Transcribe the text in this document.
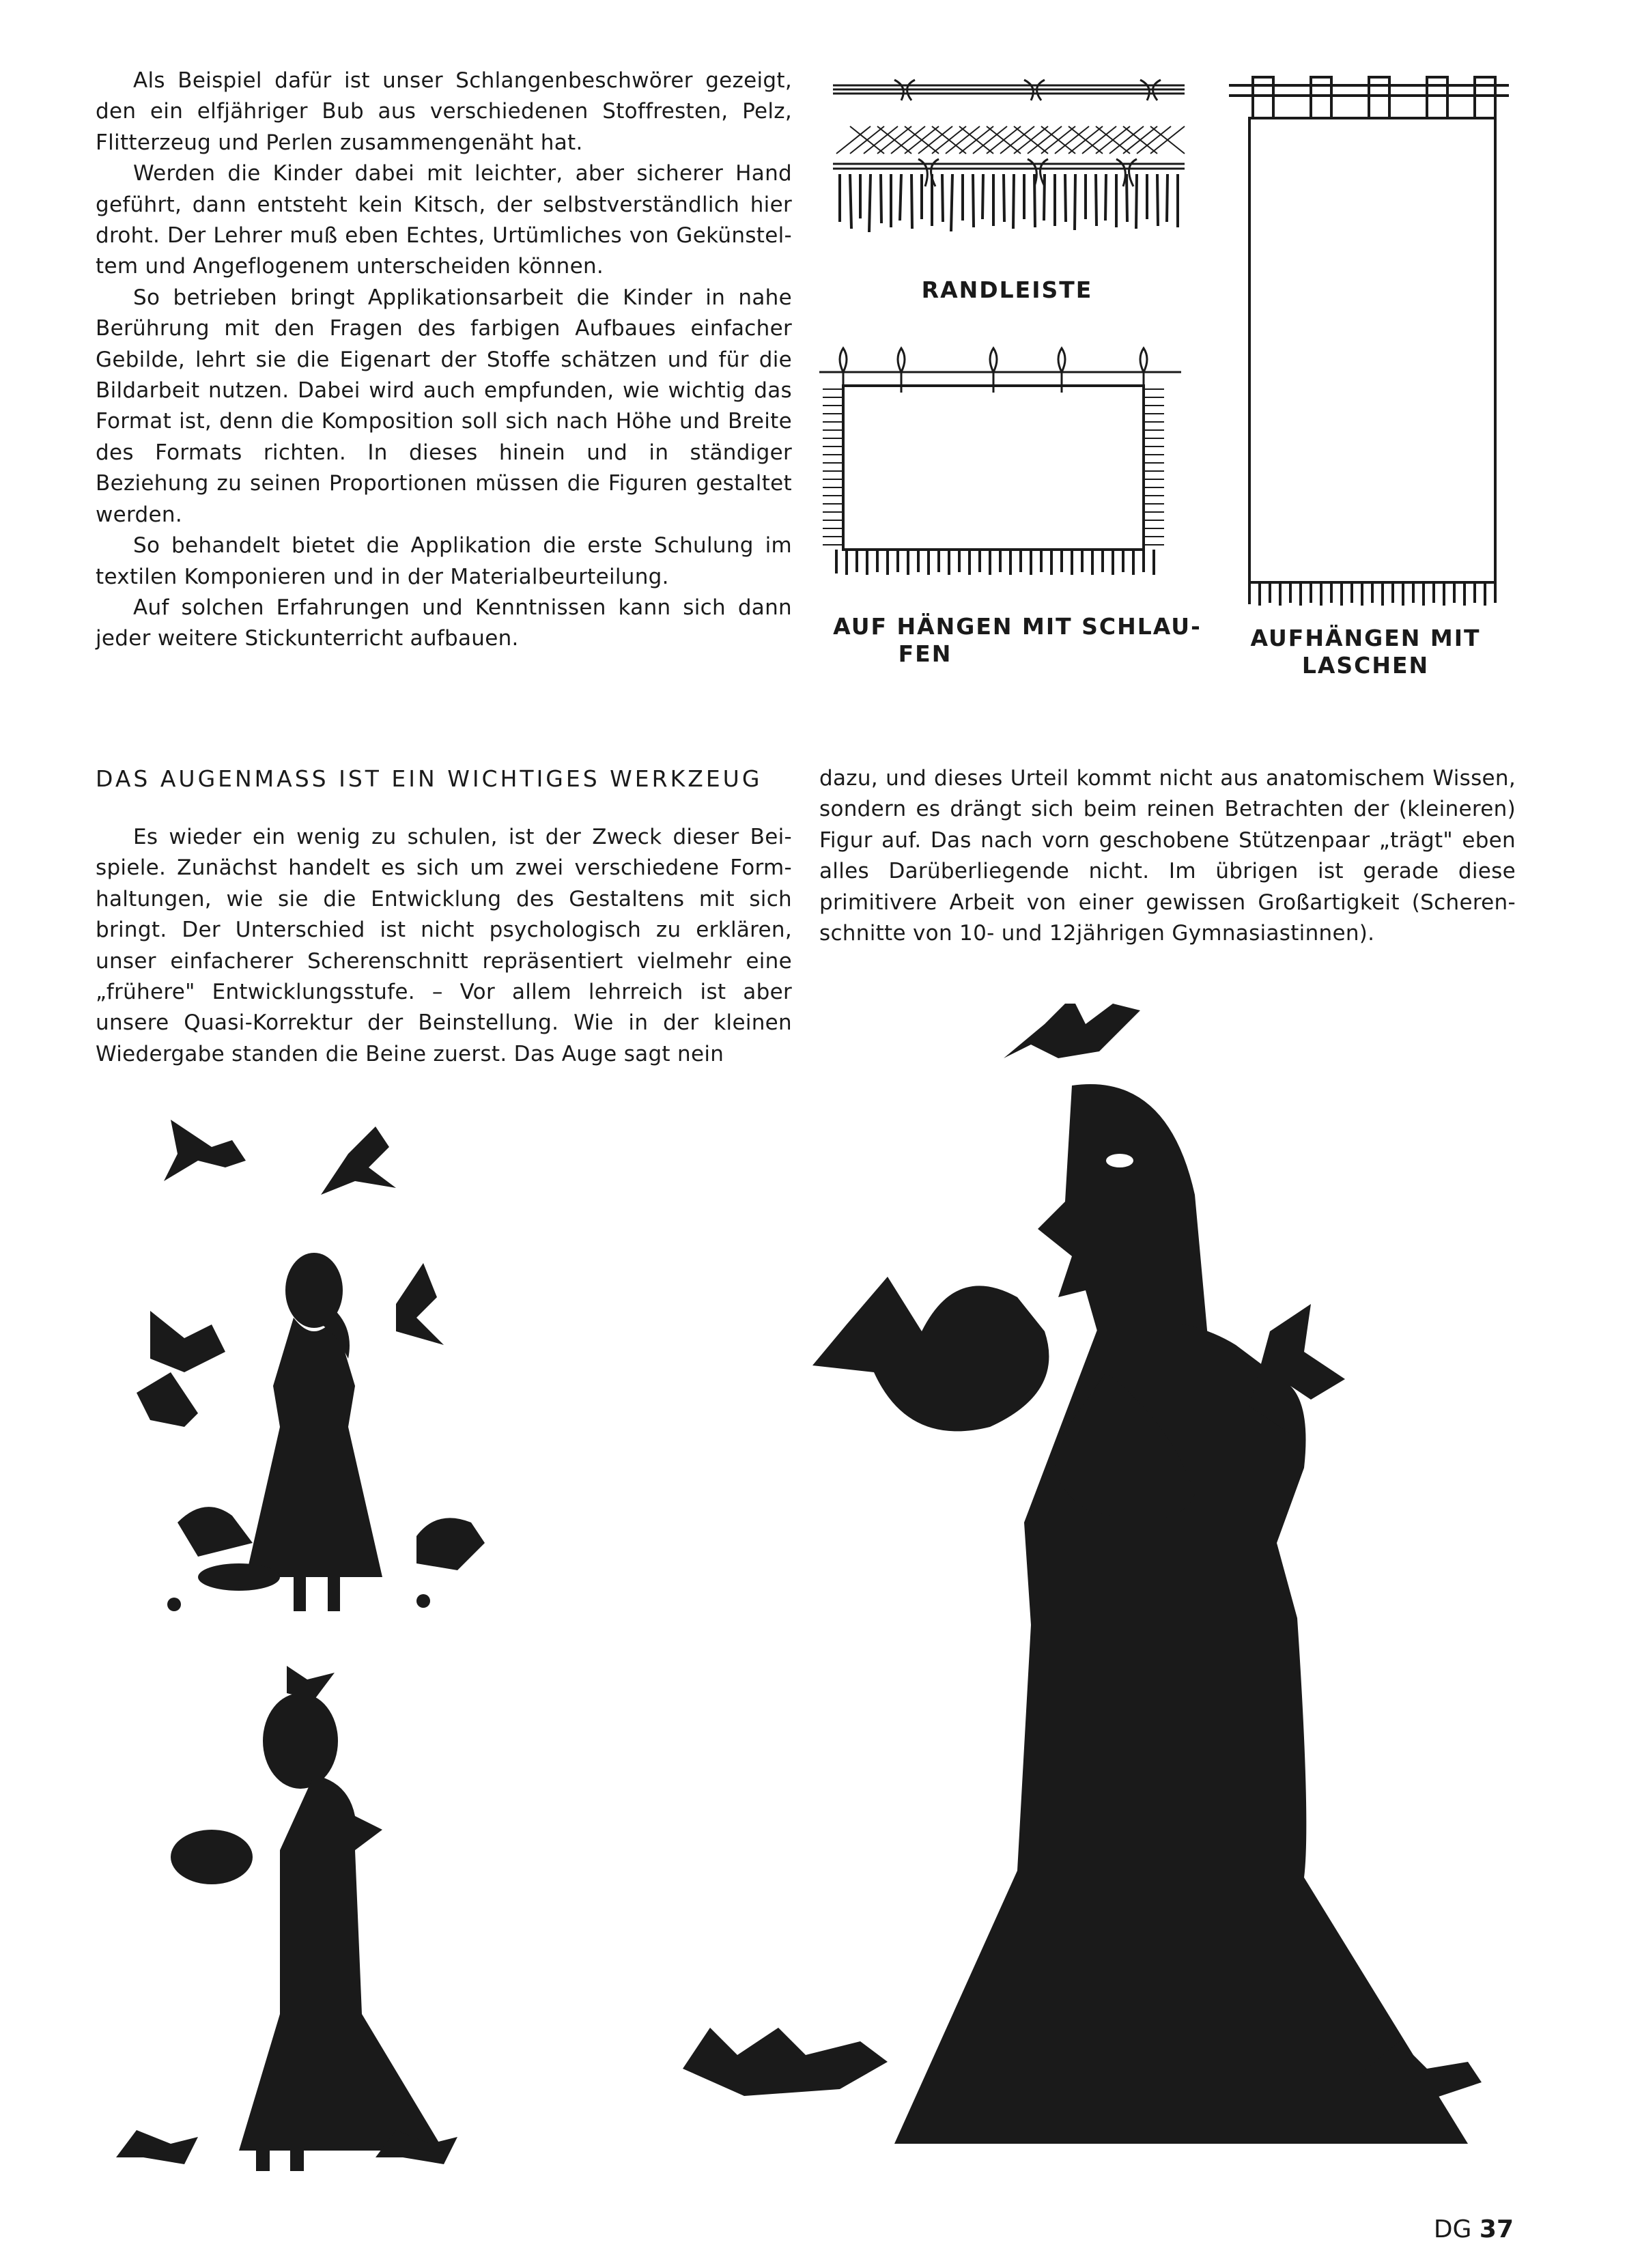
Als Beispiel dafür ist unser Schlangenbeschwörer gezeigt, den ein elfjähriger Bub aus verschiedenen Stoffresten, Pelz, Flitterzeug und Perlen zusammengenäht hat.

Werden die Kinder dabei mit leichter, aber sicherer Hand geführt, dann entsteht kein Kitsch, der selbstverständlich hier droht. Der Lehrer muß eben Echtes, Urtümliches von Gekünstel-tem und Angeflogenem unterscheiden können.

So betrieben bringt Applikationsarbeit die Kinder in nahe Berührung mit den Fragen des farbigen Aufbaues einfacher Gebilde, lehrt sie die Eigenart der Stoffe schätzen und für die Bildarbeit nutzen. Dabei wird auch empfunden, wie wichtig das Format ist, denn die Komposition soll sich nach Höhe und Breite des Formats richten. In dieses hinein und in ständiger Beziehung zu seinen Proportionen müssen die Figuren gestaltet werden.

So behandelt bietet die Applikation die erste Schulung im textilen Komponieren und in der Materialbeurteilung.

Auf solchen Erfahrungen und Kenntnissen kann sich dann jeder weitere Stickunterricht aufbauen.

RANDLEISTE
AUF HÄNGEN MIT SCHLAU-
FEN
AUFHÄNGEN MIT
LASCHEN
DAS AUGENMASS IST EIN WICHTIGES WERKZEUG

Es wieder ein wenig zu schulen, ist der Zweck dieser Bei-spiele. Zunächst handelt es sich um zwei verschiedene Form-haltungen, wie sie die Entwicklung des Gestaltens mit sich bringt. Der Unterschied ist nicht psychologisch zu erklären, unser einfacherer Scherenschnitt repräsentiert vielmehr eine „frühere" Entwicklungsstufe. – Vor allem lehrreich ist aber unsere Quasi-Korrektur der Beinstellung. Wie in der kleinen Wiedergabe standen die Beine zuerst. Das Auge sagt nein

dazu, und dieses Urteil kommt nicht aus anatomischem Wissen, sondern es drängt sich beim reinen Betrachten der (kleineren) Figur auf. Das nach vorn geschobene Stützenpaar „trägt" eben alles Darüberliegende nicht. Im übrigen ist gerade diese primitivere Arbeit von einer gewissen Großartigkeit (Scheren-schnitte von 10- und 12jährigen Gymnasiastinnen).

DG 37
